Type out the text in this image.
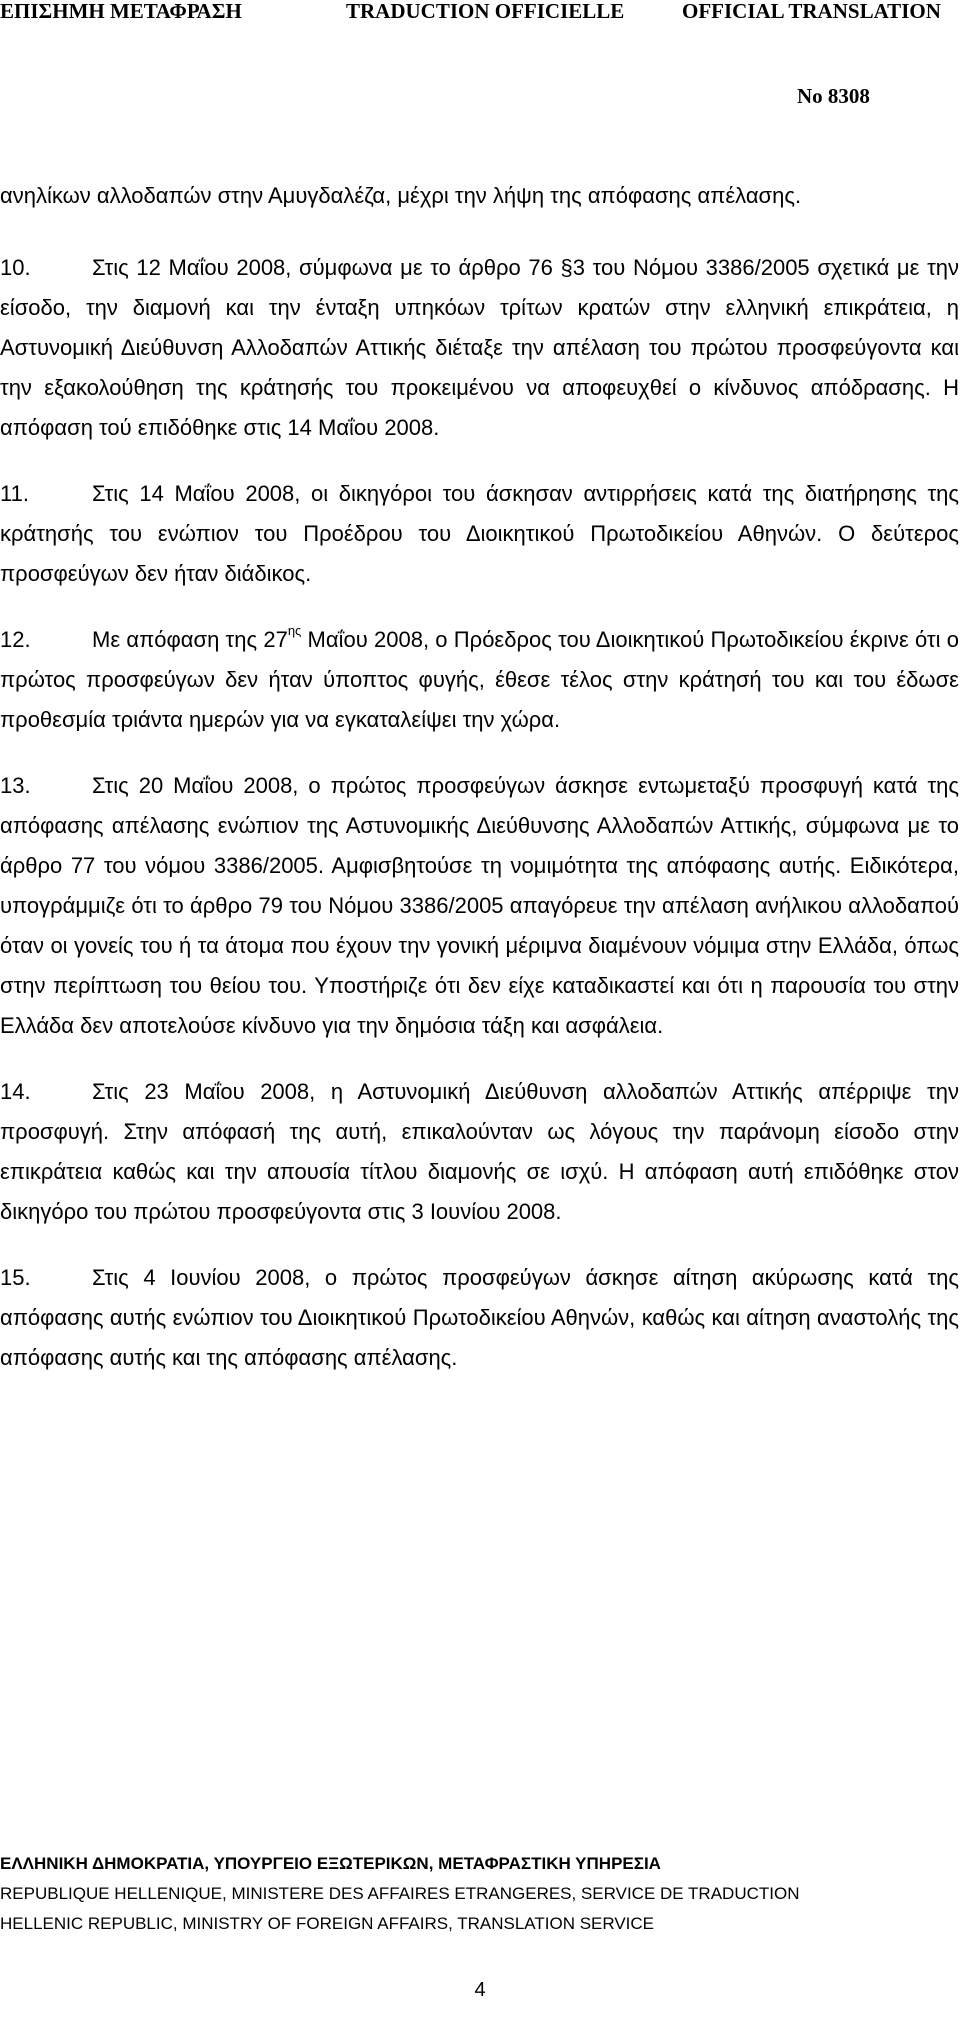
ΕΠΙΣΗΜΗ ΜΕΤΑΦΡΑΣΗ	TRADUCTION OFFICIELLE	OFFICIAL TRANSLATION
No 8308

ανηλίκων αλλοδαπών στην Αμυγδαλέζα, μέχρι την λήψη της απόφασης απέλασης.

10.	Στις 12 Μαΐου 2008, σύμφωνα με το άρθρο 76 §3 του Νόμου 3386/2005 σχετικά με την είσοδο, την διαμονή και την ένταξη υπηκόων τρίτων κρατών στην ελληνική επικράτεια, η Αστυνομική Διεύθυνση Αλλοδαπών Αττικής διέταξε την απέλαση του πρώτου προσφεύγοντα και την εξακολούθηση της κράτησής του προκειμένου να αποφευχθεί ο κίνδυνος απόδρασης. Η απόφαση τού επιδόθηκε στις 14 Μαΐου 2008.

11.	Στις 14 Μαΐου 2008, οι δικηγόροι του άσκησαν αντιρρήσεις κατά της διατήρησης της κράτησής του ενώπιον του Προέδρου του Διοικητικού Πρωτοδικείου Αθηνών. Ο δεύτερος προσφεύγων δεν ήταν διάδικος.

12.	Με απόφαση της $27^{\eta\varsigma}$ Μαΐου 2008, ο Πρόεδρος του Διοικητικού Πρωτοδικείου έκρινε ότι ο πρώτος προσφεύγων δεν ήταν ύποπτος φυγής, έθεσε τέλος στην κράτησή του και του έδωσε προθεσμία τριάντα ημερών για να εγκαταλείψει την χώρα.

13.	Στις 20 Μαΐου 2008, ο πρώτος προσφεύγων άσκησε εντωμεταξύ προσφυγή κατά της απόφασης απέλασης ενώπιον της Αστυνομικής Διεύθυνσης Αλλοδαπών Αττικής, σύμφωνα με το άρθρο 77 του νόμου 3386/2005. Αμφισβητούσε τη νομιμότητα της απόφασης αυτής. Ειδικότερα, υπογράμμιζε ότι το άρθρο 79 του Νόμου 3386/2005 απαγόρευε την απέλαση ανήλικου αλλοδαπού όταν οι γονείς του ή τα άτομα που έχουν την γονική μέριμνα διαμένουν νόμιμα στην Ελλάδα, όπως στην περίπτωση του θείου του. Υποστήριζε ότι δεν είχε καταδικαστεί και ότι η παρουσία του στην Ελλάδα δεν αποτελούσε κίνδυνο για την δημόσια τάξη και ασφάλεια.

14.	Στις 23 Μαΐου 2008, η Αστυνομική Διεύθυνση αλλοδαπών Αττικής απέρριψε την προσφυγή. Στην απόφασή της αυτή, επικαλούνταν ως λόγους την παράνομη είσοδο στην επικράτεια καθώς και την απουσία τίτλου διαμονής σε ισχύ. Η απόφαση αυτή επιδόθηκε στον δικηγόρο του πρώτου προσφεύγοντα στις 3 Ιουνίου 2008.

15.	Στις 4 Ιουνίου 2008, ο πρώτος προσφεύγων άσκησε αίτηση ακύρωσης κατά της απόφασης αυτής ενώπιον του Διοικητικού Πρωτοδικείου Αθηνών, καθώς και αίτηση αναστολής της απόφασης αυτής και της απόφασης απέλασης.

ΕΛΛΗΝΙΚΗ ΔΗΜΟΚΡΑΤΙΑ, ΥΠΟΥΡΓΕΙΟ ΕΞΩΤΕΡΙΚΩΝ, ΜΕΤΑΦΡΑΣΤΙΚΗ ΥΠΗΡΕΣΙΑ
REPUBLIQUE HELLENIQUE, MINISTERE DES AFFAIRES ETRANGERES, SERVICE DE TRADUCTION
HELLENIC REPUBLIC, MINISTRY OF FOREIGN AFFAIRS, TRANSLATION SERVICE
4
